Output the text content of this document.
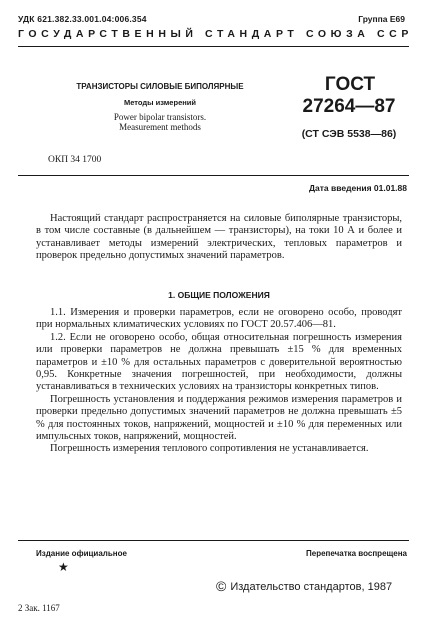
УДК 621.382.33.001.04:006.354	Группа Е69
ГОСУДАРСТВЕННЫЙ СТАНДАРТ СОЮЗА ССР
ТРАНЗИСТОРЫ СИЛОВЫЕ БИПОЛЯРНЫЕ
Методы измерений
Power bipolar transistors.
Measurement methods
ГОСТ
27264—87
(СТ СЭВ 5538—86)
ОКП 34 1700
Дата введения 01.01.88

Настоящий стандарт распространяется на силовые биполярные транзисторы, в том числе составные (в дальнейшем — транзисторы), на токи 10 А и более и устанавливает методы измерений электрических, тепловых параметров и проверок предельно допустимых значений параметров.

1. ОБЩИЕ ПОЛОЖЕНИЯ

1.1. Измерения и проверки параметров, если не оговорено особо, проводят при нормальных климатических условиях по ГОСТ 20.57.406—81.

1.2. Если не оговорено особо, общая относительная погрешность измерения или проверки параметров не должна превышать ±15 % для временных параметров и ±10 % для остальных параметров с доверительной вероятностью 0,95. Конкретные значения погрешностей, при необходимости, должны устанавливаться в технических условиях на транзисторы конкретных типов.

Погрешность установления и поддержания режимов измерения параметров и проверки предельно допустимых значений параметров не должна превышать ±5 % для постоянных токов, напряжений, мощностей и ±10 % для переменных или импульсных токов, напряжений, мощностей.

Погрешность измерения теплового сопротивления не устанавливается.

Издание официальное	Перепечатка воспрещена
★
© Издательство стандартов, 1987
2 Зак. 1167
